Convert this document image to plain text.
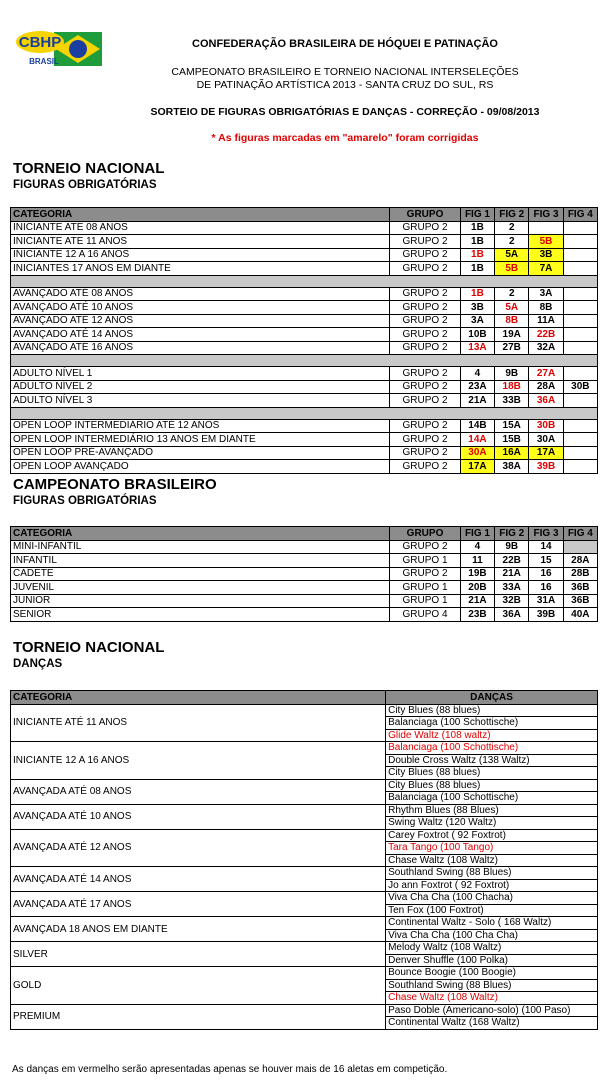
CBHP
BRASIL
CONFEDERAÇÃO BRASILEIRA DE HÓQUEI E PATINAÇÃO
CAMPEONATO BRASILEIRO E TORNEIO NACIONAL INTERSELEÇÕES
DE PATINAÇÃO ARTÍSTICA 2013 - SANTA CRUZ DO SUL, RS
SORTEIO DE FIGURAS OBRIGATÓRIAS E DANÇAS - CORREÇÃO - 09/08/2013
* As figuras marcadas em "amarelo" foram corrigidas
TORNEIO NACIONAL
FIGURAS OBRIGATÓRIAS
CATEGORIA	GRUPO	FIG 1	FIG 2	FIG 3	FIG 4
INICIANTE ATE 08 ANOS	GRUPO 2	1B	2		
INICIANTE ATE 11 ANOS	GRUPO 2	1B	2	5B	
INICIANTE 12 A 16 ANOS	GRUPO 2	1B	5A	3B	
INICIANTES 17 ANOS EM DIANTE	GRUPO 2	1B	5B	7A	

AVANÇADO ATÉ 08 ANOS	GRUPO 2	1B	2	3A	
AVANÇADO ATÉ 10 ANOS	GRUPO 2	3B	5A	8B	
AVANÇADO ATÉ 12 ANOS	GRUPO 2	3A	8B	11A	
AVANÇADO ATÉ 14 ANOS	GRUPO 2	10B	19A	22B	
AVANÇADO ATÉ 16 ANOS	GRUPO 2	13A	27B	32A	

ADULTO NÍVEL 1	GRUPO 2	4	9B	27A	
ADULTO NÍVEL 2	GRUPO 2	23A	18B	28A	30B
ADULTO NÍVEL 3	GRUPO 2	21A	33B	36A	

OPEN LOOP INTERMEDIÁRIO ATÉ 12 ANOS	GRUPO 2	14B	15A	30B	
OPEN LOOP INTERMEDIÁRIO 13 ANOS EM DIANTE	GRUPO 2	14A	15B	30A	
OPEN LOOP PRÉ-AVANÇADO	GRUPO 2	30A	16A	17A	
OPEN LOOP AVANÇADO	GRUPO 2	17A	38A	39B	
CAMPEONATO BRASILEIRO
FIGURAS OBRIGATÓRIAS
CATEGORIA	GRUPO	FIG 1	FIG 2	FIG 3	FIG 4
MINI-INFANTIL	GRUPO 2	4	9B	14	
INFANTIL	GRUPO 1	11	22B	15	28A
CADETE	GRUPO 2	19B	21A	16	28B
JUVENIL	GRUPO 1	20B	33A	16	36B
JUNIOR	GRUPO 1	21A	32B	31A	36B
SENIOR	GRUPO 4	23B	36A	39B	40A
TORNEIO NACIONAL
DANÇAS
CATEGORIA	DANÇAS
INICIANTE ATÉ 11 ANOS	City Blues (88 blues)
	Balanciaga (100 Schottische)
	Glide Waltz (108 waltz)
INICIANTE 12 A 16 ANOS	Balanciaga (100 Schottische)
	Double Cross Waltz (138 Waltz)
	City Blues (88 blues)
AVANÇADA ATÉ 08 ANOS	City Blues (88 blues)
	Balanciaga (100 Schottische)
AVANÇADA ATÉ 10 ANOS	Rhythm Blues (88 Blues)
	Swing Waltz (120 Waltz)
AVANÇADA ATÉ 12 ANOS	Carey Foxtrot ( 92 Foxtrot)
	Tara Tango (100 Tango)
	Chase Waltz (108 Waltz)
AVANÇADA ATÉ 14 ANOS	Southland Swing (88 Blues)
	Jo ann Foxtrot ( 92 Foxtrot)
AVANÇADA ATÉ 17 ANOS	Viva Cha Cha (100 Chacha)
	Ten Fox (100 Foxtrot)
AVANÇADA 18 ANOS EM DIANTE	Continental Waltz - Solo ( 168 Waltz)
	Viva Cha Cha (100 Cha Cha)
SILVER	Melody Waltz (108 Waltz)
	Denver Shuffle (100 Polka)
GOLD	Bounce Boogie (100 Boogie)
	Southland Swing (88 Blues)
	Chase Waltz (108 Waltz)
PREMIUM	Paso Doble (Americano-solo) (100 Paso)
	Continental Waltz (168 Waltz)
As danças em vermelho serão apresentadas apenas se houver mais de 16 aletas em competição.
